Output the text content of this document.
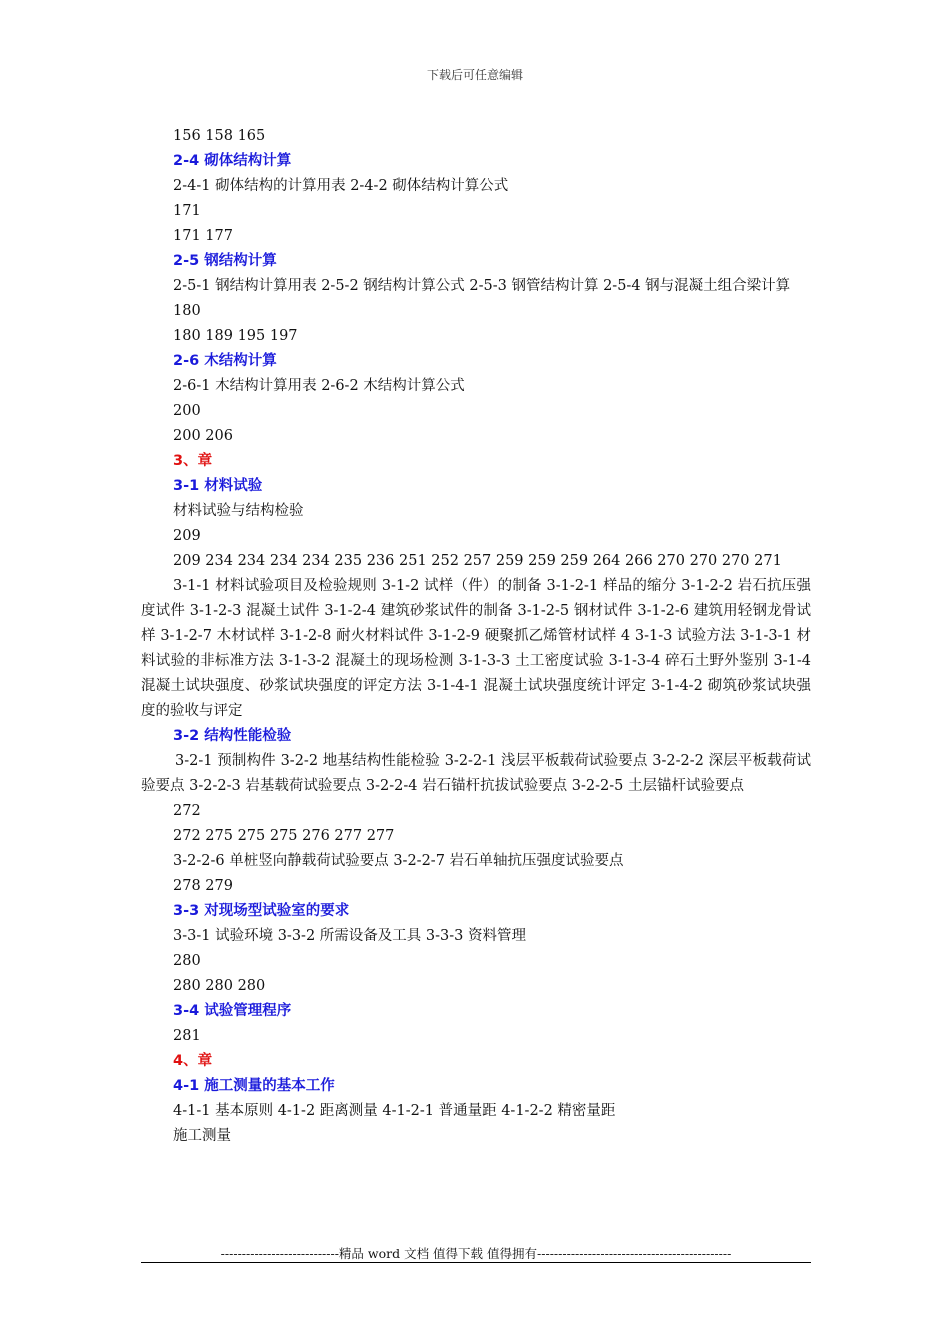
下载后可任意编辑
156 158 165
2-4 砌体结构计算
2-4-1 砌体结构的计算用表 2-4-2 砌体结构计算公式
171
171 177
2-5 钢结构计算
2-5-1 钢结构计算用表 2-5-2 钢结构计算公式 2-5-3 钢管结构计算 2-5-4 钢与混凝土组合梁计算
180
180 189 195 197
2-6 木结构计算
2-6-1 木结构计算用表 2-6-2 木结构计算公式
200
200 206
3、章
3-1 材料试验
材料试验与结构检验
209
209 234 234 234 234 235 236 251 252 257 259 259 259 264 266 270 270 270 271
3-1-1 材料试验项目及检验规则 3-1-2 试样（件）的制备 3-1-2-1 样品的缩分 3-1-2-2 岩石抗压强度试件 3-1-2-3 混凝土试件 3-1-2-4 建筑砂浆试件的制备 3-1-2-5 钢材试件 3-1-2-6 建筑用轻钢龙骨试样 3-1-2-7 木材试样 3-1-2-8 耐火材料试件 3-1-2-9 硬聚抓乙烯管材试样 4 3-1-3 试验方法 3-1-3-1 材料试验的非标准方法 3-1-3-2 混凝土的现场检测 3-1-3-3 土工密度试验 3-1-3-4 碎石土野外鉴别 3-1-4 混凝土试块强度、砂浆试块强度的评定方法 3-1-4-1 混凝土试块强度统计评定 3-1-4-2 砌筑砂浆试块强度的验收与评定
3-2 结构性能检验
3-2-1 预制构件 3-2-2 地基结构性能检验 3-2-2-1 浅层平板载荷试验要点 3-2-2-2 深层平板载荷试验要点 3-2-2-3 岩基载荷试验要点 3-2-2-4 岩石锚杆抗拔试验要点 3-2-2-5 土层锚杆试验要点
272
272 275 275 275 276 277 277
3-2-2-6 单桩竖向静载荷试验要点 3-2-2-7 岩石单轴抗压强度试验要点
278 279
3-3 对现场型试验室的要求
3-3-1 试验环境 3-3-2 所需设备及工具 3-3-3 资料管理
280
280 280 280
3-4 试验管理程序
281
4、章
4-1 施工测量的基本工作
4-1-1 基本原则 4-1-2 距离测量 4-1-2-1 普通量距 4-1-2-2 精密量距
施工测量
----------------------------精品 word 文档 值得下载 值得拥有----------------------------------------------
